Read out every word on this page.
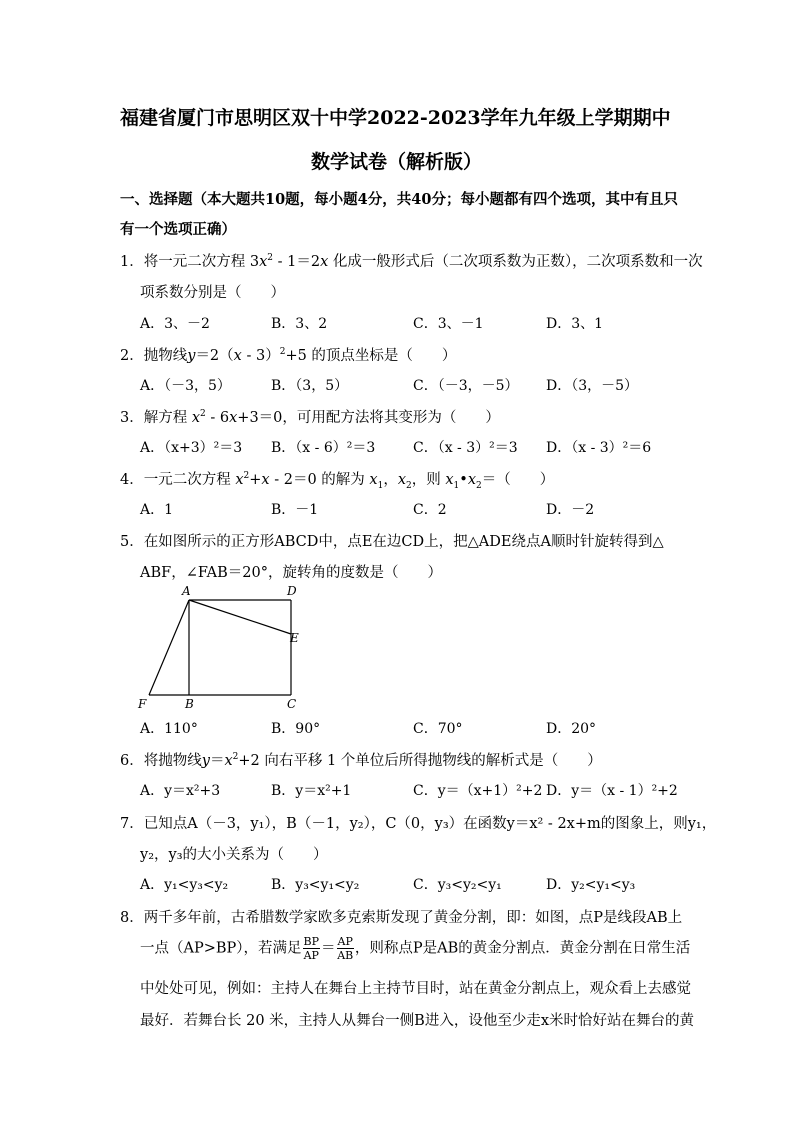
福建省厦门市思明区双十中学2022-2023学年九年级上学期期中
数学试卷（解析版）
一、选择题（本大题共10题，每小题4分，共40分；每小题都有四个选项，其中有且只
有一个选项正确）
1．将一元二次方程 $3x^2 - 1=2x$ 化成一般形式后（二次项系数为正数），二次项系数和一次
项系数分别是（　　）
A．3、－2	B．3、2	C．3、－1	D．3、1
2．抛物线y＝2（x - 3）$^2$+5 的顶点坐标是（　　）
A．（－3，5）	B．（3，5）	C．（－3，－5） D．（3，－5）
3．解方程 $x^2 - 6x+3=0$，可用配方法将其变形为（　　）
A．（x+3）²＝3 B．（x - 6）²＝3	C．（x - 3）²＝3 D．（x - 3）²＝6
4．一元二次方程 $x^2+x - 2=0$ 的解为 $x_1$，$x_2$，则 $x_1•x_2=$（　　）
A．1	B．－1	C．2	D．－2
5．在如图所示的正方形ABCD中，点E在边CD上，把△ADE绕点A顺时针旋转得到△
ABF，∠FAB＝20°，旋转角的度数是（　　）
A	D
E
F	B	C
A．110°	B．90°	C．70°	D．20°
6．将抛物线$y=x^2+2$ 向右平移 1 个单位后所得抛物线的解析式是（　　）
A．y＝x²+3	B．y＝x²+1	C．y＝（x+1）²+2 D．y＝（x - 1）²+2
7．已知点A（－3，y₁），B（－1，y₂），C（0，y₃）在函数y＝x² - 2x+m的图象上，则y₁，
y₂，y₃的大小关系为（　　）
A．y₁<y₃<y₂	B．y₃<y₁<y₂	C．y₃<y₂<y₁	D．y₂<y₁<y₃
8．两千多年前，古希腊数学家欧多克索斯发现了黄金分割，即：如图，点P是线段AB上
一点（AP>BP），若满足 $\frac{BP}{AP} = \frac{AP}{AB}$ ，则称点P是AB的黄金分割点．黄金分割在日常生活
中处处可见，例如：主持人在舞台上主持节目时，站在黄金分割点上，观众看上去感觉
最好．若舞台长 20 米，主持人从舞台一侧B进入，设他至少走x米时恰好站在舞台的黄
